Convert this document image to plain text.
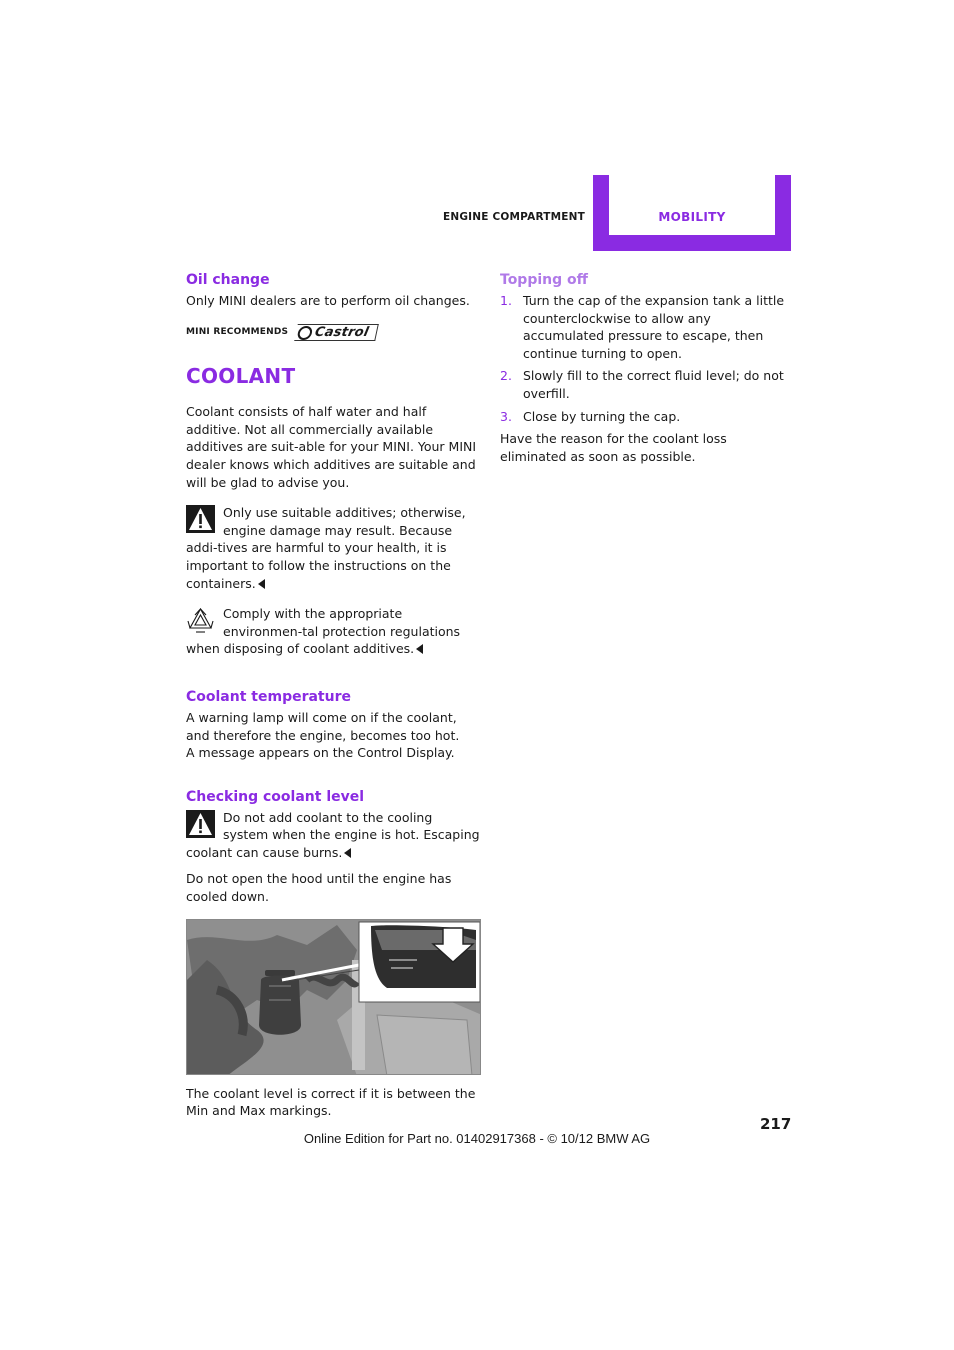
ENGINE COMPARTMENT	MOBILITY
Oil change

Only MINI dealers are to perform oil changes.

MINI RECOMMENDS Castrol
COOLANT

Coolant consists of half water and half additive. Not all commercially available additives are suit-able for your MINI. Your MINI dealer knows which additives are suitable and will be glad to advise you.

Only use suitable additives; otherwise, engine damage may result. Because addi-tives are harmful to your health, it is important to follow the instructions on the containers.
Comply with the appropriate environmen-tal protection regulations when disposing of coolant additives.
Coolant temperature

A warning lamp will come on if the coolant, and therefore the engine, becomes too hot.

A message appears on the Control Display.

Checking coolant level
Do not add coolant to the cooling system when the engine is hot. Escaping coolant can cause burns.

Do not open the hood until the engine has cooled down.

The coolant level is correct if it is between the Min and Max markings.

Topping off
1. Turn the cap of the expansion tank a little counterclockwise to allow any accumulated pressure to escape, then continue turning to open.
2. Slowly fill to the correct fluid level; do not overfill.
3. Close by turning the cap.

Have the reason for the coolant loss eliminated as soon as possible.

217
Online Edition for Part no. 01402917368 - © 10/12 BMW AG
